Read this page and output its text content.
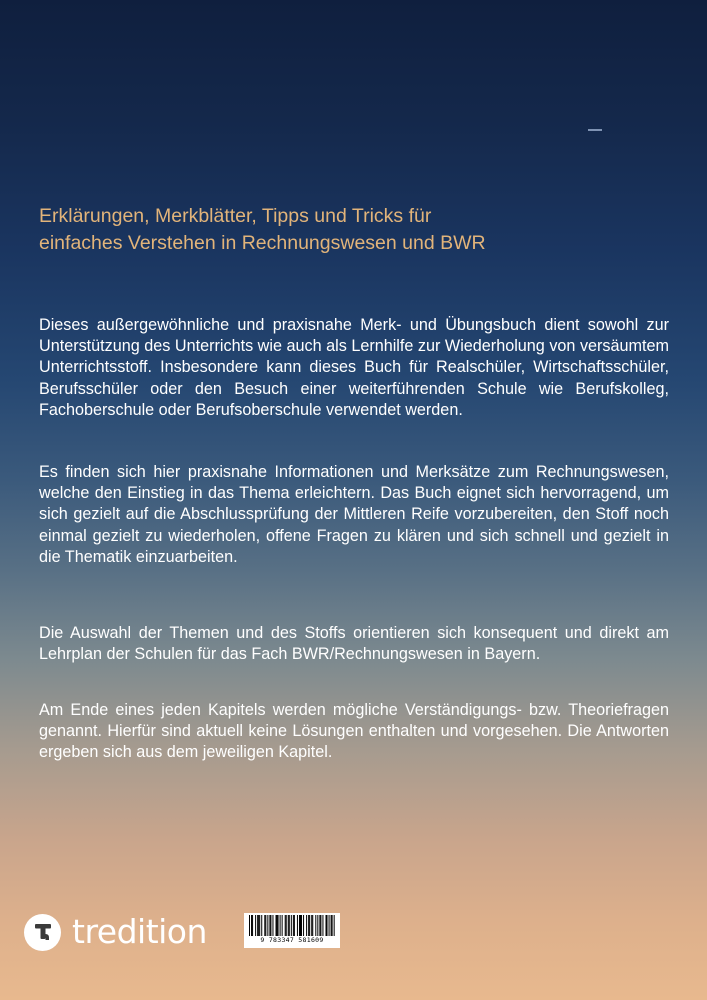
Erklärungen, Merkblätter, Tipps und Tricks für
einfaches Verstehen in Rechnungswesen und BWR

Dieses außergewöhnliche und praxisnahe Merk- und Übungsbuch dient sowohl zur Unterstützung des Unterrichts wie auch als Lernhilfe zur Wiederholung von versäumtem Unterrichtsstoff. Insbesondere kann dieses Buch für Realschüler, Wirtschaftsschüler, Berufsschüler oder den Besuch einer weiterführenden Schule wie Berufskolleg, Fachoberschule oder Berufsoberschule verwendet werden.

Es finden sich hier praxisnahe Informationen und Merksätze zum Rechnungswesen, welche den Einstieg in das Thema erleichtern. Das Buch eignet sich hervorragend, um sich gezielt auf die Abschlussprüfung der Mittleren Reife vorzubereiten, den Stoff noch einmal gezielt zu wiederholen, offene Fragen zu klären und sich schnell und gezielt in die Thematik einzuarbeiten.

Die Auswahl der Themen und des Stoffs orientieren sich konsequent und direkt am Lehrplan der Schulen für das Fach BWR/Rechnungswesen in Bayern.

Am Ende eines jeden Kapitels werden mögliche Verständigungs- bzw. Theoriefragen genannt. Hierfür sind aktuell keine Lösungen enthalten und vorgesehen. Die Antworten ergeben sich aus dem jeweiligen Kapitel.

tredition	9 783347 581609
